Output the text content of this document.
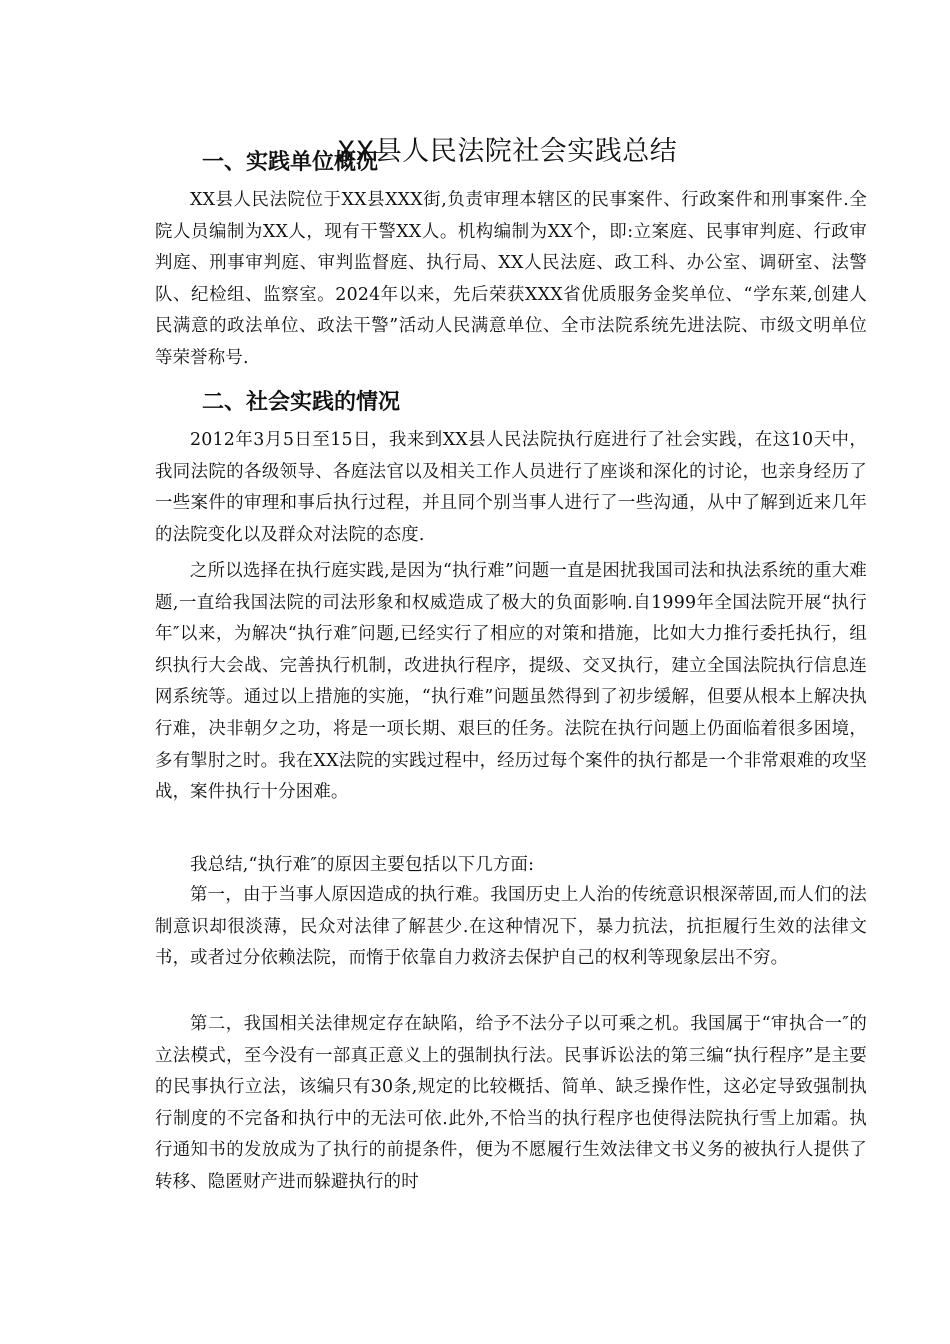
XX县人民法院社会实践总结
一、实践单位概况

XX县人民法院位于XX县XXX街,负责审理本辖区的民事案件、行政案件和刑事案件.全院人员编制为XX人，现有干警XX人。机构编制为XX个，即:立案庭、民事审判庭、行政审判庭、刑事审判庭、审判监督庭、执行局、XX人民法庭、政工科、办公室、调研室、法警队、纪检组、监察室。2024年以来，先后荣获XXX省优质服务金奖单位、“学东莱,创建人民满意的政法单位、政法干警”活动人民满意单位、全市法院系统先进法院、市级文明单位等荣誉称号.

二、社会实践的情况

2012年3月5日至15日，我来到XX县人民法院执行庭进行了社会实践，在这10天中，我同法院的各级领导、各庭法官以及相关工作人员进行了座谈和深化的讨论，也亲身经历了一些案件的审理和事后执行过程，并且同个别当事人进行了一些沟通，从中了解到近来几年的法院变化以及群众对法院的态度.

之所以选择在执行庭实践,是因为“执行难”问题一直是困扰我国司法和执法系统的重大难题,一直给我国法院的司法形象和权威造成了极大的负面影响.自1999年全国法院开展“执行年″以来，为解决“执行难″问题,已经实行了相应的对策和措施，比如大力推行委托执行，组织执行大会战、完善执行机制，改进执行程序，提级、交叉执行，建立全国法院执行信息连网系统等。通过以上措施的实施，“执行难”问题虽然得到了初步缓解，但要从根本上解决执行难，决非朝夕之功，将是一项长期、艰巨的任务。法院在执行问题上仍面临着很多困境，多有掣肘之时。我在XX法院的实践过程中，经历过每个案件的执行都是一个非常艰难的攻坚战，案件执行十分困难。

我总结,“执行难″的原因主要包括以下几方面:

第一，由于当事人原因造成的执行难。我国历史上人治的传统意识根深蒂固,而人们的法制意识却很淡薄，民众对法律了解甚少.在这种情况下，暴力抗法，抗拒履行生效的法律文书，或者过分依赖法院，而惰于依靠自力救济去保护自己的权利等现象层出不穷。

第二，我国相关法律规定存在缺陷，给予不法分子以可乘之机。我国属于“审执合一″的立法模式，至今没有一部真正意义上的强制执行法。民事诉讼法的第三编“执行程序”是主要的民事执行立法，该编只有30条,规定的比较概括、简单、缺乏操作性，这必定导致强制执行制度的不完备和执行中的无法可依.此外,不恰当的执行程序也使得法院执行雪上加霜。执行通知书的发放成为了执行的前提条件，便为不愿履行生效法律文书义务的被执行人提供了转移、隐匿财产进而躲避执行的时
